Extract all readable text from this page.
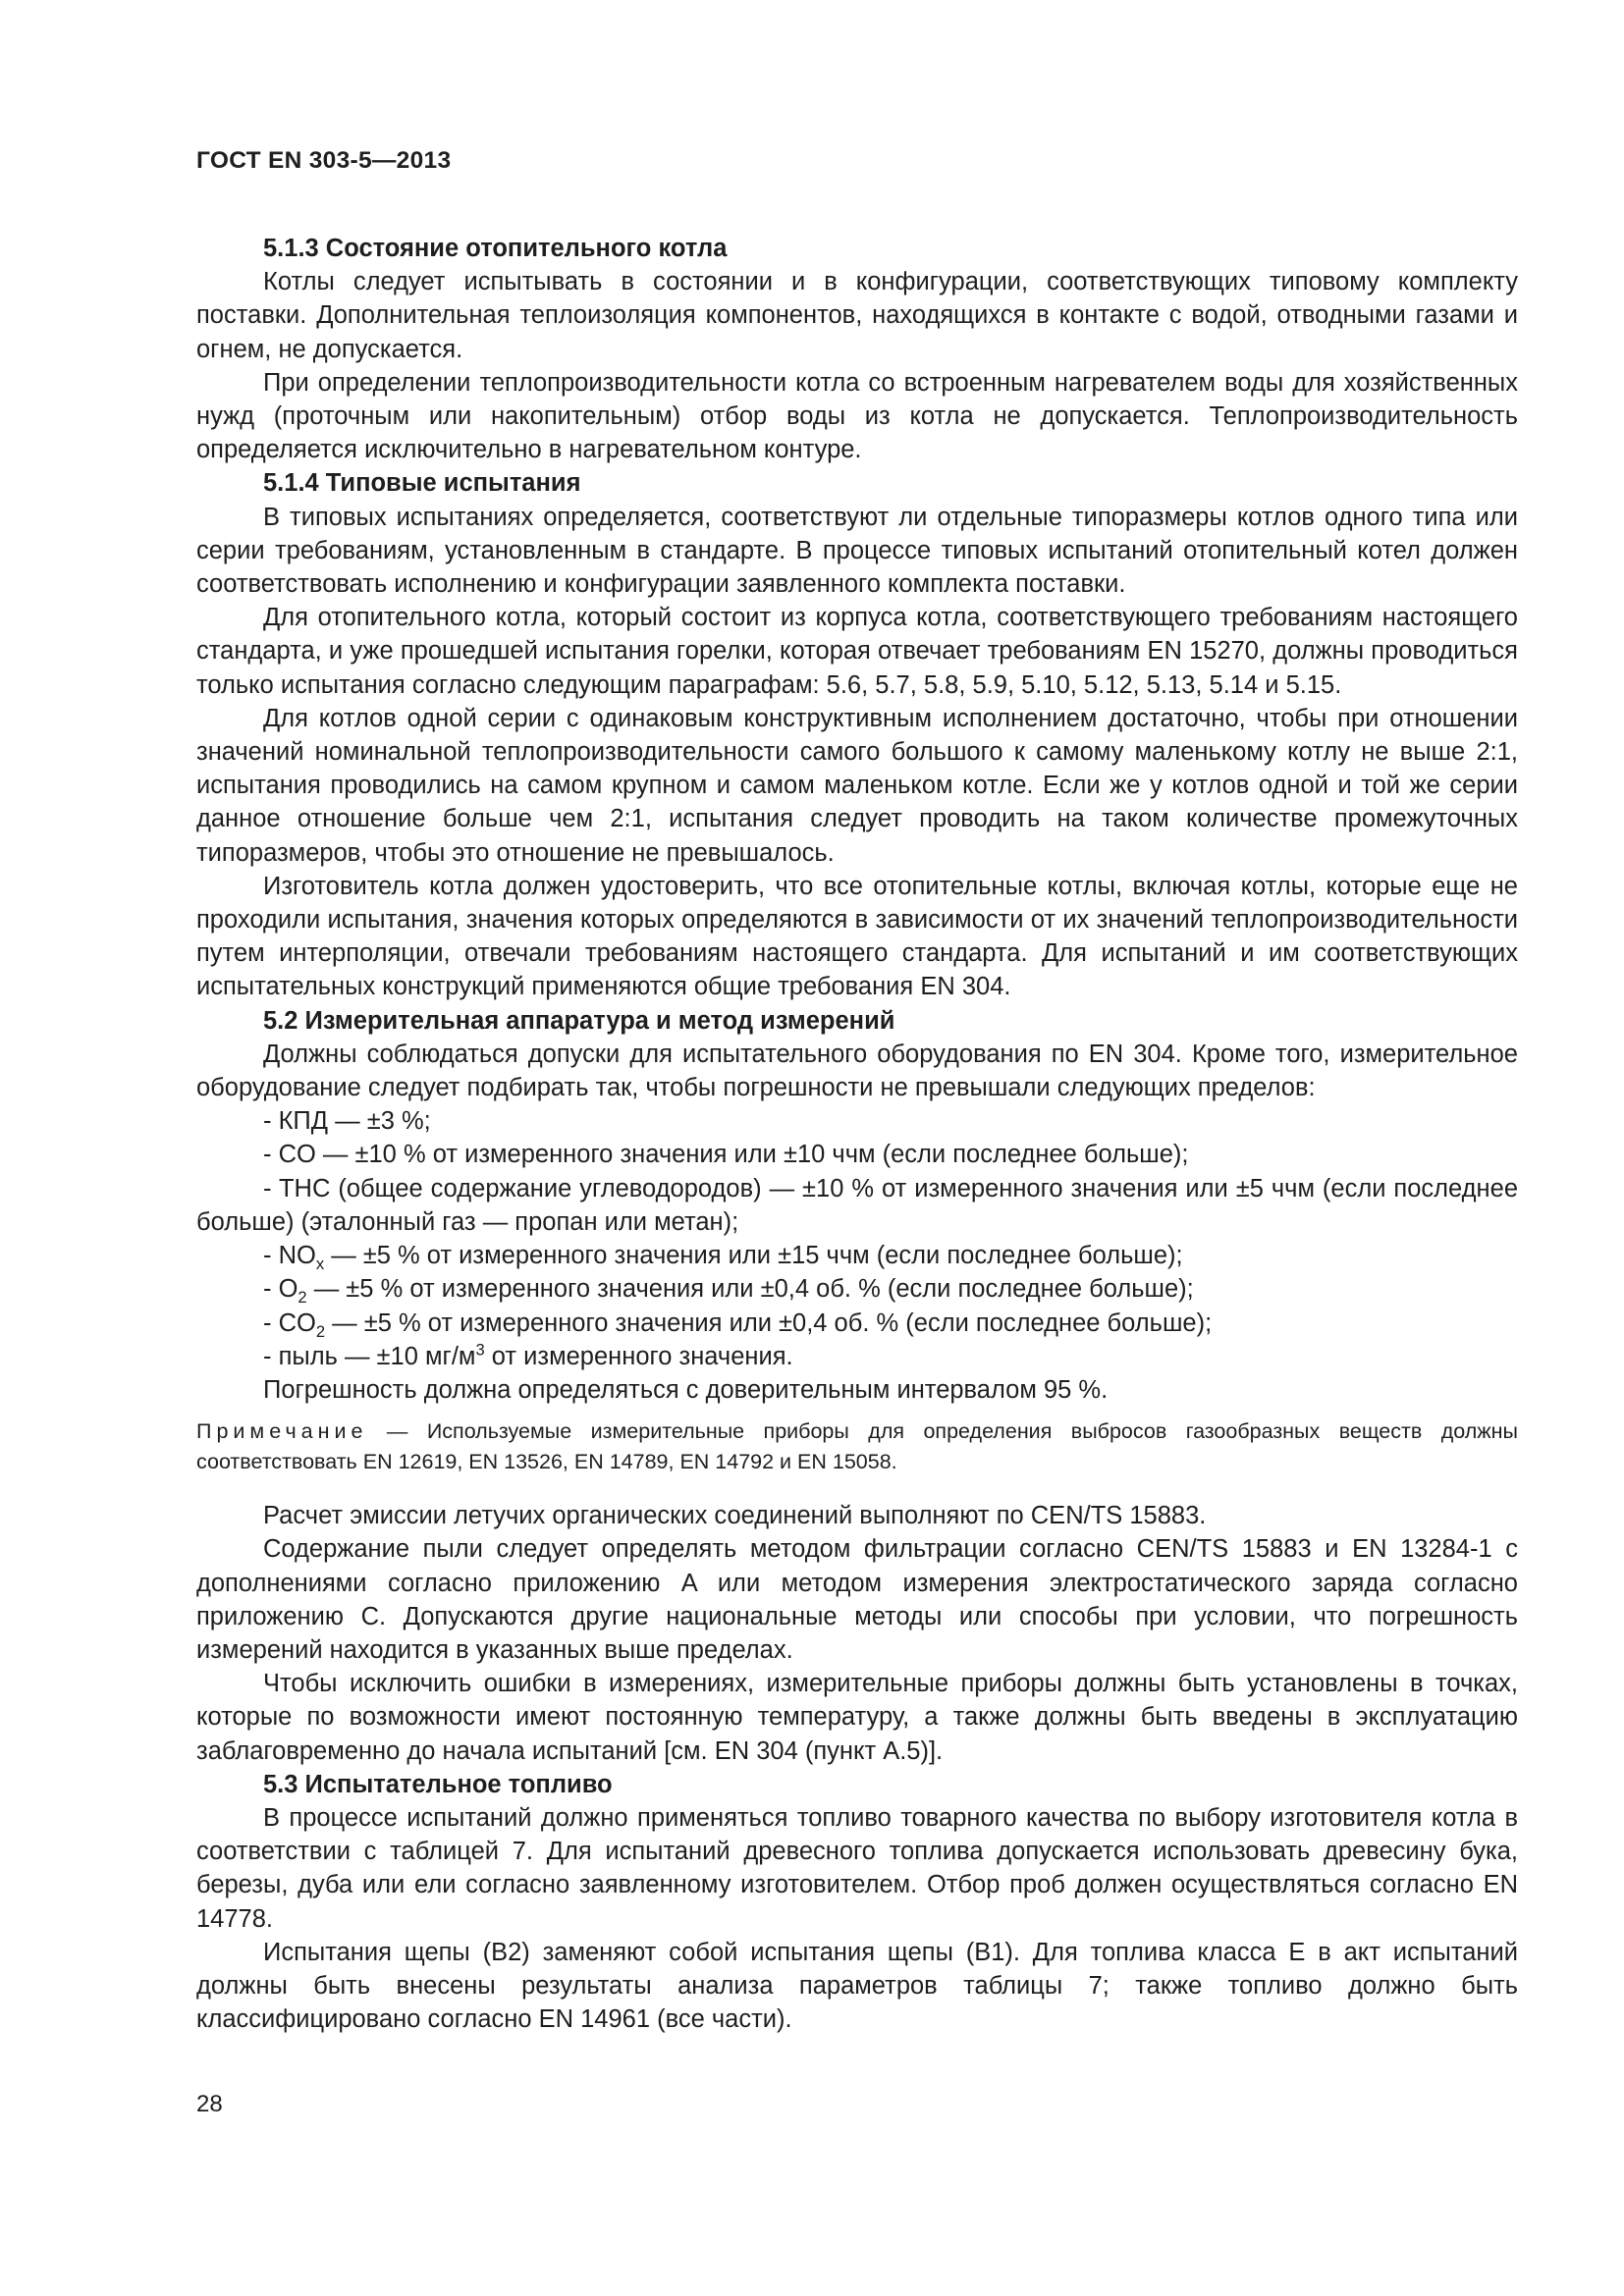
ГОСТ EN 303-5—2013
5.1.3 Состояние отопительного котла

Котлы следует испытывать в состоянии и в конфигурации, соответствующих типовому комплекту поставки. Дополнительная теплоизоляция компонентов, находящихся в контакте с водой, отводными газами и огнем, не допускается.

При определении теплопроизводительности котла со встроенным нагревателем воды для хозяйственных нужд (проточным или накопительным) отбор воды из котла не допускается. Теплопроизводительность определяется исключительно в нагревательном контуре.

5.1.4 Типовые испытания

В типовых испытаниях определяется, соответствуют ли отдельные типоразмеры котлов одного типа или серии требованиям, установленным в стандарте. В процессе типовых испытаний отопительный котел должен соответствовать исполнению и конфигурации заявленного комплекта поставки.

Для отопительного котла, который состоит из корпуса котла, соответствующего требованиям настоящего стандарта, и уже прошедшей испытания горелки, которая отвечает требованиям EN 15270, должны проводиться только испытания согласно следующим параграфам: 5.6, 5.7, 5.8, 5.9, 5.10, 5.12, 5.13, 5.14 и 5.15.

Для котлов одной серии с одинаковым конструктивным исполнением достаточно, чтобы при отношении значений номинальной теплопроизводительности самого большого к самому маленькому котлу не выше 2:1, испытания проводились на самом крупном и самом маленьком котле. Если же у котлов одной и той же серии данное отношение больше чем 2:1, испытания следует проводить на таком количестве промежуточных типоразмеров, чтобы это отношение не превышалось.

Изготовитель котла должен удостоверить, что все отопительные котлы, включая котлы, которые еще не проходили испытания, значения которых определяются в зависимости от их значений теплопроизводительности путем интерполяции, отвечали требованиям настоящего стандарта. Для испытаний и им соответствующих испытательных конструкций применяются общие требования EN 304.

5.2 Измерительная аппаратура и метод измерений

Должны соблюдаться допуски для испытательного оборудования по EN 304. Кроме того, измерительное оборудование следует подбирать так, чтобы погрешности не превышали следующих пределов:

- КПД — ±3 %;

- CO — ±10 % от измеренного значения или ±10 ччм (если последнее больше);

- THC (общее содержание углеводородов) — ±10 % от измеренного значения или ±5 ччм (если последнее больше) (эталонный газ — пропан или метан);

- $NO_x$ — ±5 % от измеренного значения или ±15 ччм (если последнее больше);

- $O_2$ — ±5 % от измеренного значения или ±0,4 об. % (если последнее больше);

- $CO_2$ — ±5 % от измеренного значения или ±0,4 об. % (если последнее больше);

- пыль — ±10 $мг/м^3$ от измеренного значения.

Погрешность должна определяться с доверительным интервалом 95 %.

Примечание — Используемые измерительные приборы для определения выбросов газообразных веществ должны соответствовать EN 12619, EN 13526, EN 14789, EN 14792 и EN 15058.

Расчет эмиссии летучих органических соединений выполняют по CEN/TS 15883.

Содержание пыли следует определять методом фильтрации согласно CEN/TS 15883 и EN 13284-1 с дополнениями согласно приложению A или методом измерения электростатического заряда согласно приложению C. Допускаются другие национальные методы или способы при условии, что погрешность измерений находится в указанных выше пределах.

Чтобы исключить ошибки в измерениях, измерительные приборы должны быть установлены в точках, которые по возможности имеют постоянную температуру, а также должны быть введены в эксплуатацию заблаговременно до начала испытаний [см. EN 304 (пункт A.5)].

5.3 Испытательное топливо

В процессе испытаний должно применяться топливо товарного качества по выбору изготовителя котла в соответствии с таблицей 7. Для испытаний древесного топлива допускается использовать древесину бука, березы, дуба или ели согласно заявленному изготовителем. Отбор проб должен осуществляться согласно EN 14778.

Испытания щепы (B2) заменяют собой испытания щепы (B1). Для топлива класса E в акт испытаний должны быть внесены результаты анализа параметров таблицы 7; также топливо должно быть классифицировано согласно EN 14961 (все части).

28
